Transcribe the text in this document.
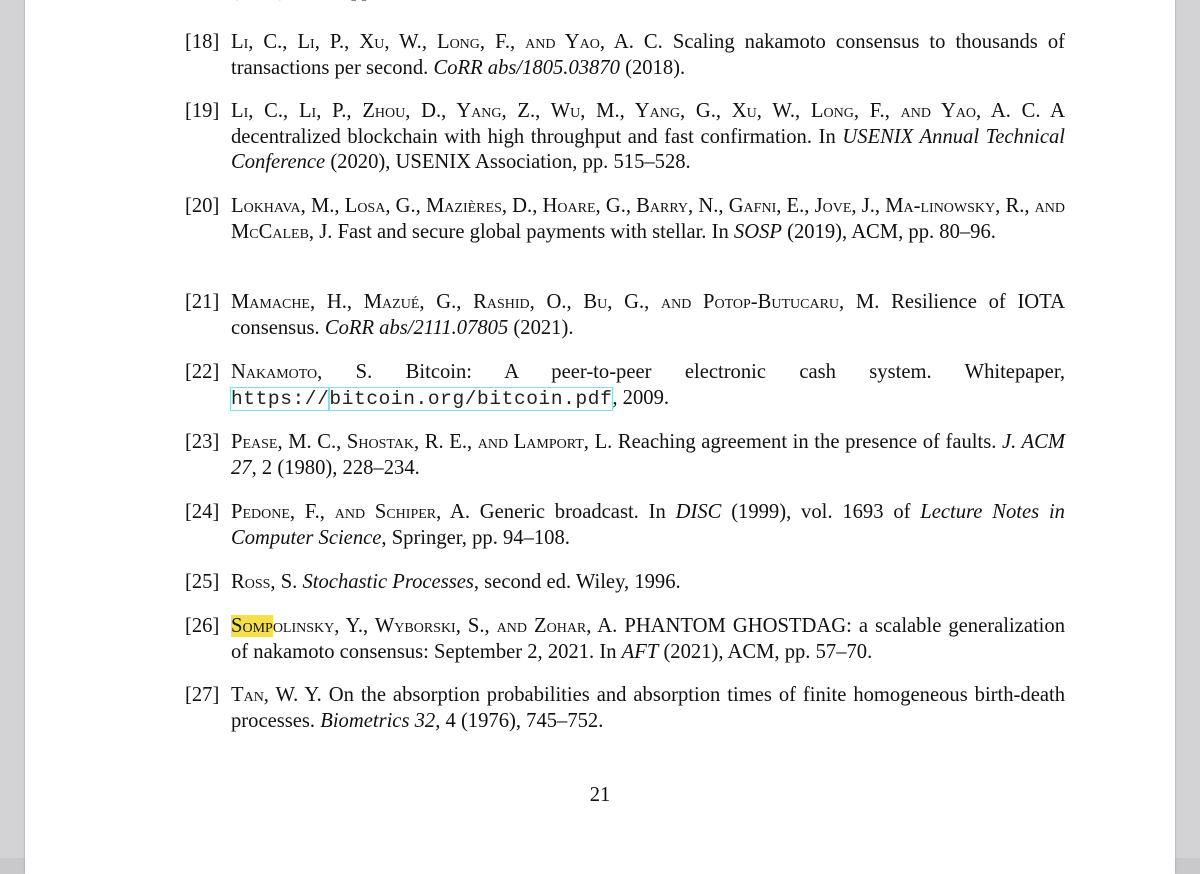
[18] Li, C., Li, P., Xu, W., Long, F., and Yao, A. C. Scaling nakamoto consensus to thousands of transactions per second. CoRR abs/1805.03870 (2018).
[19] Li, C., Li, P., Zhou, D., Yang, Z., Wu, M., Yang, G., Xu, W., Long, F., and Yao, A. C. A decentralized blockchain with high throughput and fast confirmation. In USENIX Annual Technical Conference (2020), USENIX Association, pp. 515–528.
[20] Lokhava, M., Losa, G., Mazières, D., Hoare, G., Barry, N., Gafni, E., Jove, J., Ma-linowsky, R., and McCaleb, J. Fast and secure global payments with stellar. In SOSP (2019), ACM, pp. 80–96.
[21] Mamache, H., Mazué, G., Rashid, O., Bu, G., and Potop-Butucaru, M. Resilience of IOTA consensus. CoRR abs/2111.07805 (2021).
[22] Nakamoto, S. Bitcoin: A peer-to-peer electronic cash system. Whitepaper, https://bitcoin.org/bitcoin.pdf, 2009.
[23] Pease, M. C., Shostak, R. E., and Lamport, L. Reaching agreement in the presence of faults. J. ACM 27, 2 (1980), 228–234.
[24] Pedone, F., and Schiper, A. Generic broadcast. In DISC (1999), vol. 1693 of Lecture Notes in Computer Science, Springer, pp. 94–108.
[25] Ross, S. Stochastic Processes, second ed. Wiley, 1996.
[26] Sompolinsky, Y., Wyborski, S., and Zohar, A. PHANTOM GHOSTDAG: a scalable generalization of nakamoto consensus: September 2, 2021. In AFT (2021), ACM, pp. 57–70.
[27] Tan, W. Y. On the absorption probabilities and absorption times of finite homogeneous birth-death processes. Biometrics 32, 4 (1976), 745–752.
21
